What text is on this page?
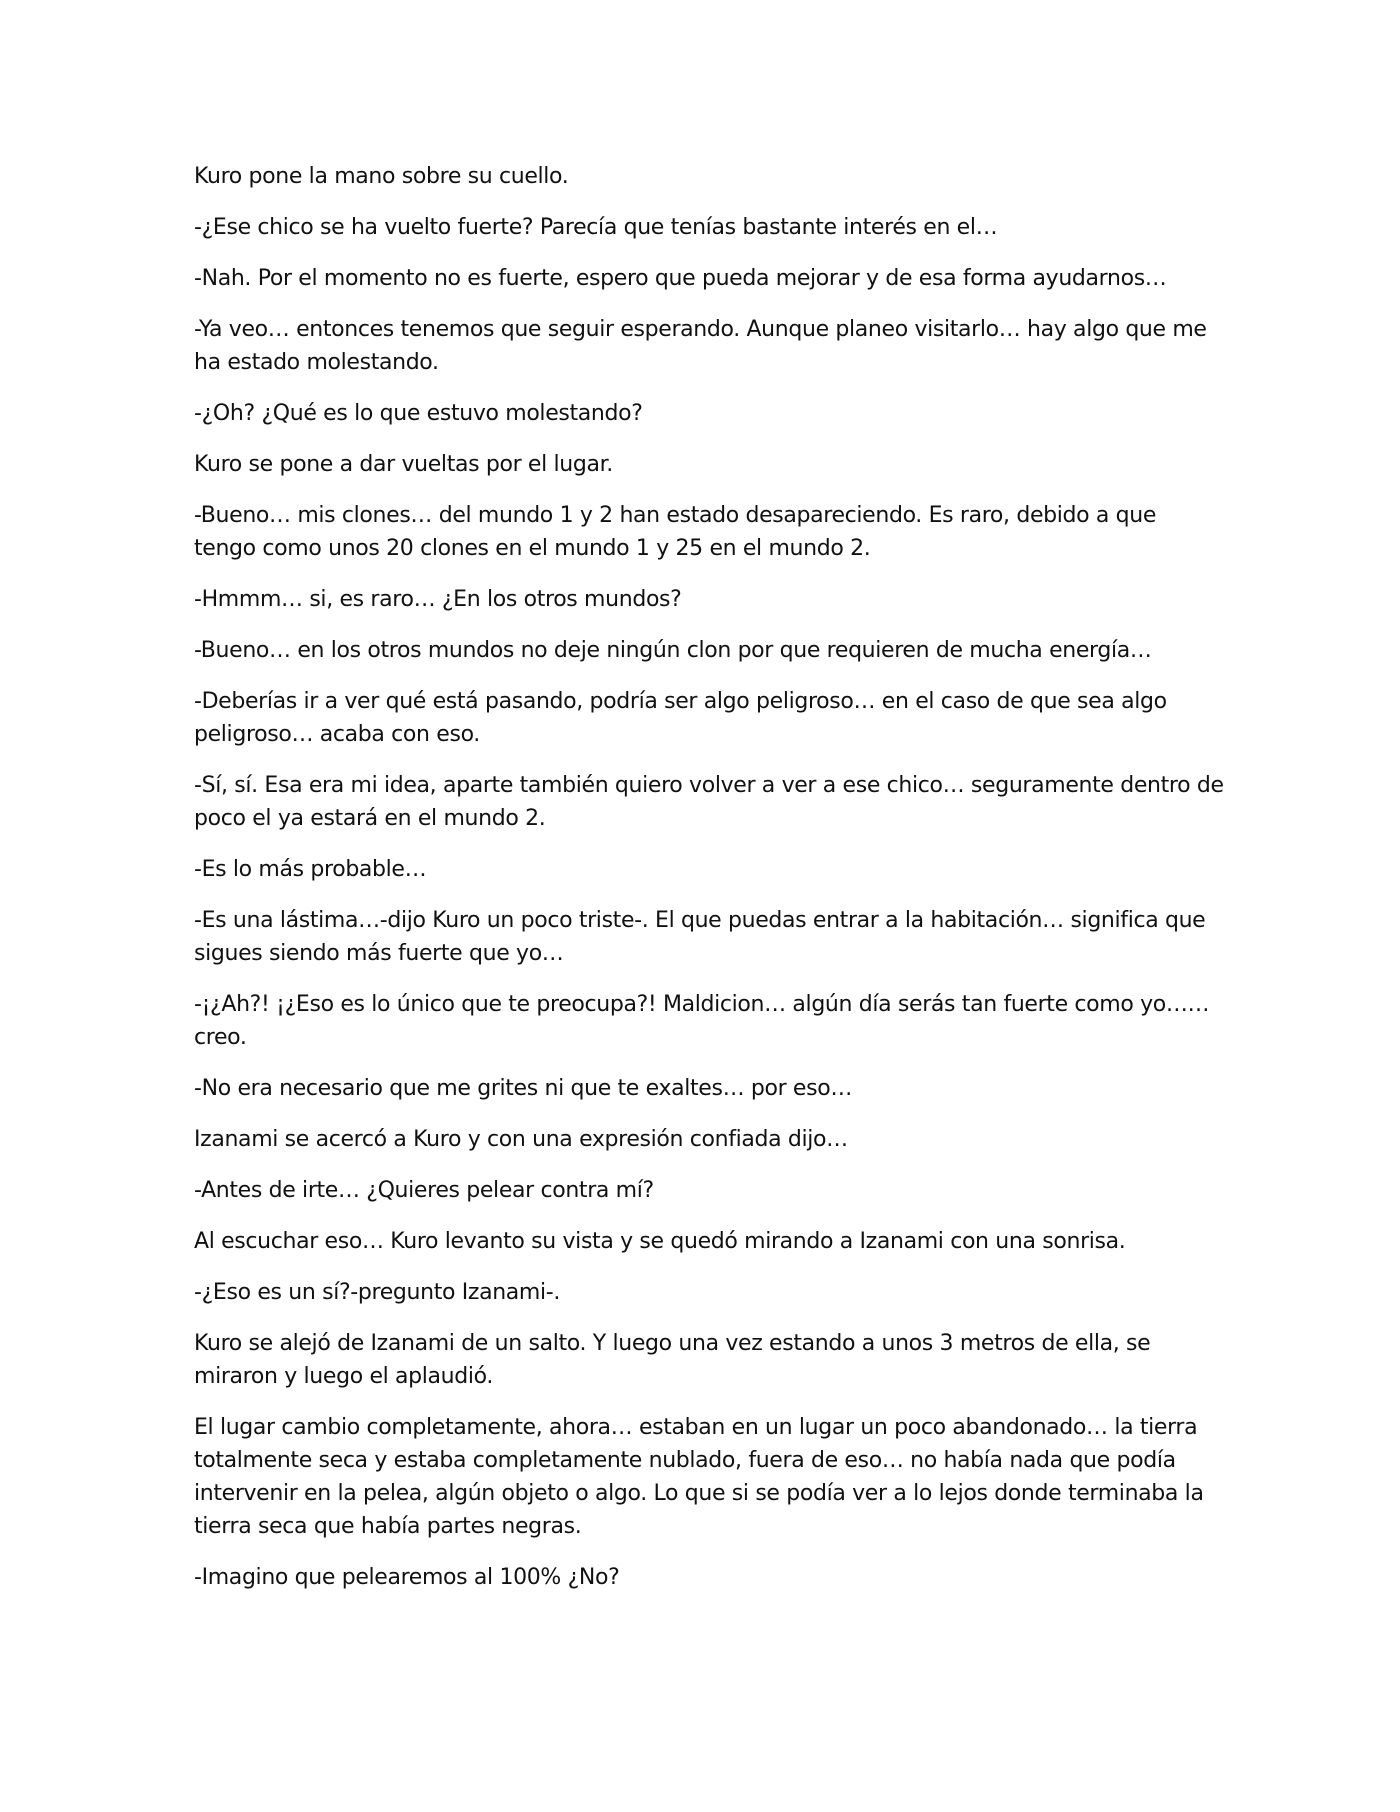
Kuro pone la mano sobre su cuello.

-¿Ese chico se ha vuelto fuerte? Parecía que tenías bastante interés en el…

-Nah. Por el momento no es fuerte, espero que pueda mejorar y de esa forma ayudarnos…

-Ya veo… entonces tenemos que seguir esperando. Aunque planeo visitarlo… hay algo que me ha estado molestando.

-¿Oh? ¿Qué es lo que estuvo molestando?

Kuro se pone a dar vueltas por el lugar.

-Bueno… mis clones… del mundo 1 y 2 han estado desapareciendo. Es raro, debido a que tengo como unos 20 clones en el mundo 1 y 25 en el mundo 2.

-Hmmm… si, es raro… ¿En los otros mundos?

-Bueno… en los otros mundos no deje ningún clon por que requieren de mucha energía…

-Deberías ir a ver qué está pasando, podría ser algo peligroso… en el caso de que sea algo peligroso… acaba con eso.

-Sí, sí. Esa era mi idea, aparte también quiero volver a ver a ese chico… seguramente dentro de poco el ya estará en el mundo 2.

-Es lo más probable…

-Es una lástima…-dijo Kuro un poco triste-. El que puedas entrar a la habitación… significa que sigues siendo más fuerte que yo…

-¡¿Ah?! ¡¿Eso es lo único que te preocupa?! Maldicion… algún día serás tan fuerte como yo…… creo.

-No era necesario que me grites ni que te exaltes… por eso…

Izanami se acercó a Kuro y con una expresión confiada dijo…

-Antes de irte… ¿Quieres pelear contra mí?

Al escuchar eso… Kuro levanto su vista y se quedó mirando a Izanami con una sonrisa.

-¿Eso es un sí?-pregunto Izanami-.

Kuro se alejó de Izanami de un salto. Y luego una vez estando a unos 3 metros de ella, se miraron y luego el aplaudió.

El lugar cambio completamente, ahora… estaban en un lugar un poco abandonado… la tierra totalmente seca y estaba completamente nublado, fuera de eso… no había nada que podía intervenir en la pelea, algún objeto o algo. Lo que si se podía ver a lo lejos donde terminaba la tierra seca que había partes negras.

-Imagino que pelearemos al 100% ¿No?
